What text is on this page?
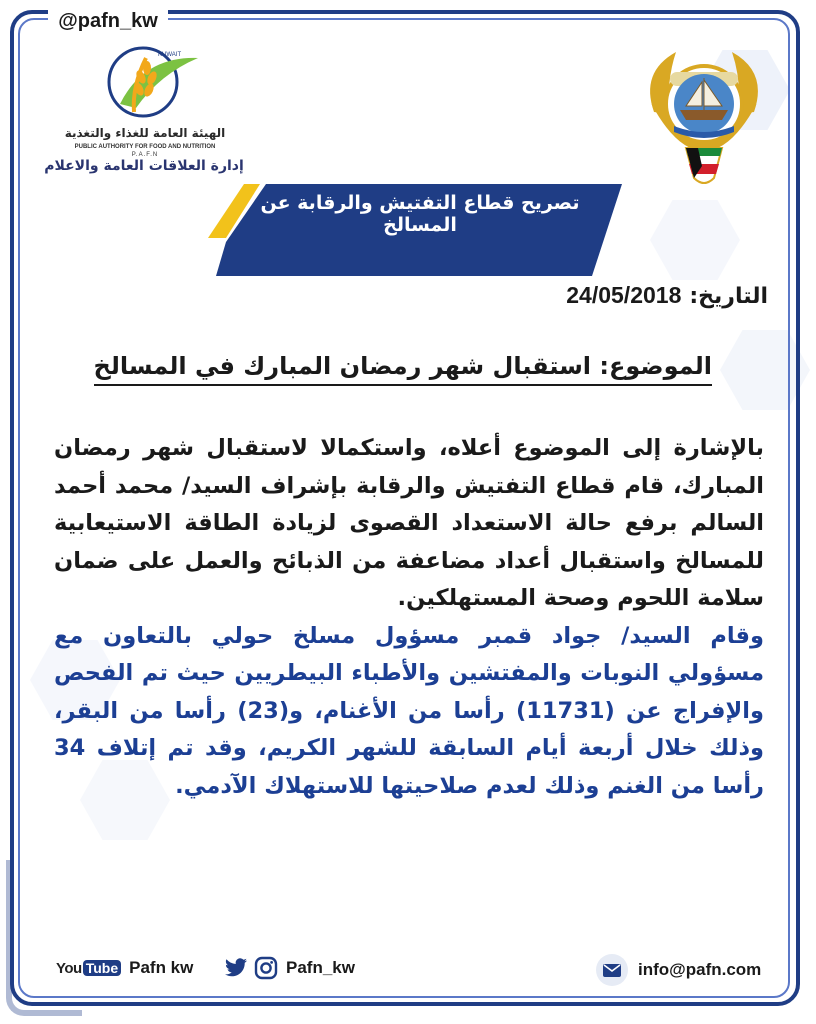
@pafn_kw
KUWAIT
الهيئة العامة للغذاء والتغذية
PUBLIC AUTHORITY FOR FOOD AND NUTRITION
P.A.F.N
إدارة العلاقات العامة والاعلام
تصريح قطاع التفتيش والرقابة عن المسالخ
التاريخ:24/05/2018
الموضوع: استقبال شهر رمضان المبارك في المسالخ

بالإشارة إلى الموضوع أعلاه، واستكمالا لاستقبال شهر رمضان المبارك، قام قطاع التفتيش والرقابة بإشراف السيد/ محمد أحمد السالم برفع حالة الاستعداد القصوى لزيادة الطاقة الاستيعابية للمسالخ واستقبال أعداد مضاعفة من الذبائح والعمل على ضمان سلامة اللحوم وصحة المستهلكين.

وقام السيد/ جواد قمبر مسؤول مسلخ حولي بالتعاون مع مسؤولي النوبات والمفتشين والأطباء البيطريين حيث تم الفحص والإفراج عن (11731) رأسا من الأغنام، و(23) رأسا من البقر، وذلك خلال أربعة أيام السابقة للشهر الكريم، وقد تم إتلاف 34 رأسا من الغنم وذلك لعدم صلاحيتها للاستهلاك الآدمي.

You Tube Pafn kw	Pafn_kw	info@pafn.com
